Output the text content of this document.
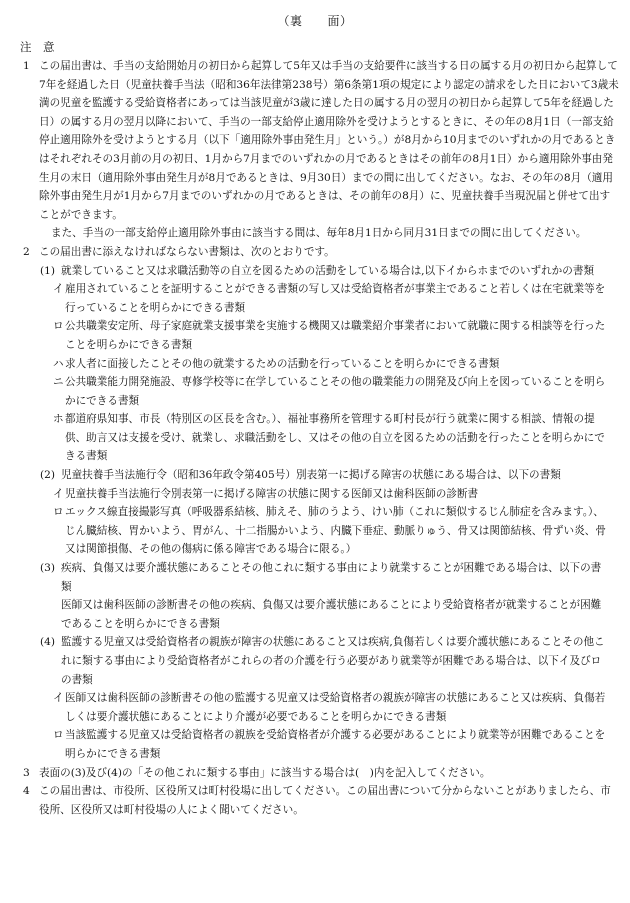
（裏　　面）
注　意
1 この届出書は、手当の支給開始月の初日から起算して5年又は手当の支給要件に該当する日の属する月の初日から起算して7年を経過した日（児童扶養手当法（昭和36年法律第238号）第6条第1項の規定により認定の請求をした日において3歳未満の児童を監護する受給資格者にあっては当該児童が3歳に達した日の属する月の翌月の初日から起算して5年を経過した日）の属する月の翌月以降において、手当の一部支給停止適用除外を受けようとするときに、その年の8月1日（一部支給停止適用除外を受けようとする月（以下「適用除外事由発生月」という。）が8月から10月までのいずれかの月であるときはそれぞれその3月前の月の初日、1月から7月までのいずれかの月であるときはその前年の8月1日）から適用除外事由発生月の末日（適用除外事由発生月が8月であるときは、9月30日）までの間に出してください。なお、その年の8月（適用除外事由発生月が1月から7月までのいずれかの月であるときは、その前年の8月）に、児童扶養手当現況届と併せて出すことができます。
また、手当の一部支給停止適用除外事由に該当する間は、毎年8月1日から同月31日までの間に出してください。
2 この届出書に添えなければならない書類は、次のとおりです。
(1) 就業していること又は求職活動等の自立を図るための活動をしている場合は,以下イからホまでのいずれかの書類
イ 雇用されていることを証明することができる書類の写し又は受給資格者が事業主であること若しくは在宅就業等を行っていることを明らかにできる書類
ロ 公共職業安定所、母子家庭就業支援事業を実施する機関又は職業紹介事業者において就職に関する相談等を行ったことを明らかにできる書類
ハ 求人者に面接したことその他の就業するための活動を行っていることを明らかにできる書類
ニ 公共職業能力開発施設、専修学校等に在学していることその他の職業能力の開発及び向上を図っていることを明らかにできる書類
ホ 都道府県知事、市長（特別区の区長を含む。）、福祉事務所を管理する町村長が行う就業に関する相談、情報の提供、助言又は支援を受け、就業し、求職活動をし、又はその他の自立を図るための活動を行ったことを明らかにできる書類
(2) 児童扶養手当法施行令（昭和36年政令第405号）別表第一に掲げる障害の状態にある場合は、以下の書類
イ 児童扶養手当法施行令別表第一に掲げる障害の状態に関する医師又は歯科医師の診断書
ロ エックス線直接撮影写真（呼吸器系結核、肺えそ、肺のうよう、けい肺（これに類似するじん肺症を含みます。）、じん臓結核、胃かいよう、胃がん、十二指腸かいよう、内臓下垂症、動脈りゅう、骨又は関節結核、骨ずい炎、骨又は関節損傷、その他の傷病に係る障害である場合に限る。）
(3) 疾病、負傷又は要介護状態にあることその他これに類する事由により就業することが困難である場合は、以下の書類
医師又は歯科医師の診断書その他の疾病、負傷又は要介護状態にあることにより受給資格者が就業することが困難であることを明らかにできる書類
(4) 監護する児童又は受給資格者の親族が障害の状態にあること又は疾病,負傷若しくは要介護状態にあることその他これに類する事由により受給資格者がこれらの者の介護を行う必要があり就業等が困難である場合は、以下イ及びロの書類
イ 医師又は歯科医師の診断書その他の監護する児童又は受給資格者の親族が障害の状態にあること又は疾病、負傷若しくは要介護状態にあることにより介護が必要であることを明らかにできる書類
ロ 当該監護する児童又は受給資格者の親族を受給資格者が介護する必要があることにより就業等が困難であることを明らかにできる書類
3 表面の(3)及び(4)の「その他これに類する事由」に該当する場合は(　)内を記入してください。
4 この届出書は、市役所、区役所又は町村役場に出してください。この届出書について分からないことがありましたら、市役所、区役所又は町村役場の人によく聞いてください。
